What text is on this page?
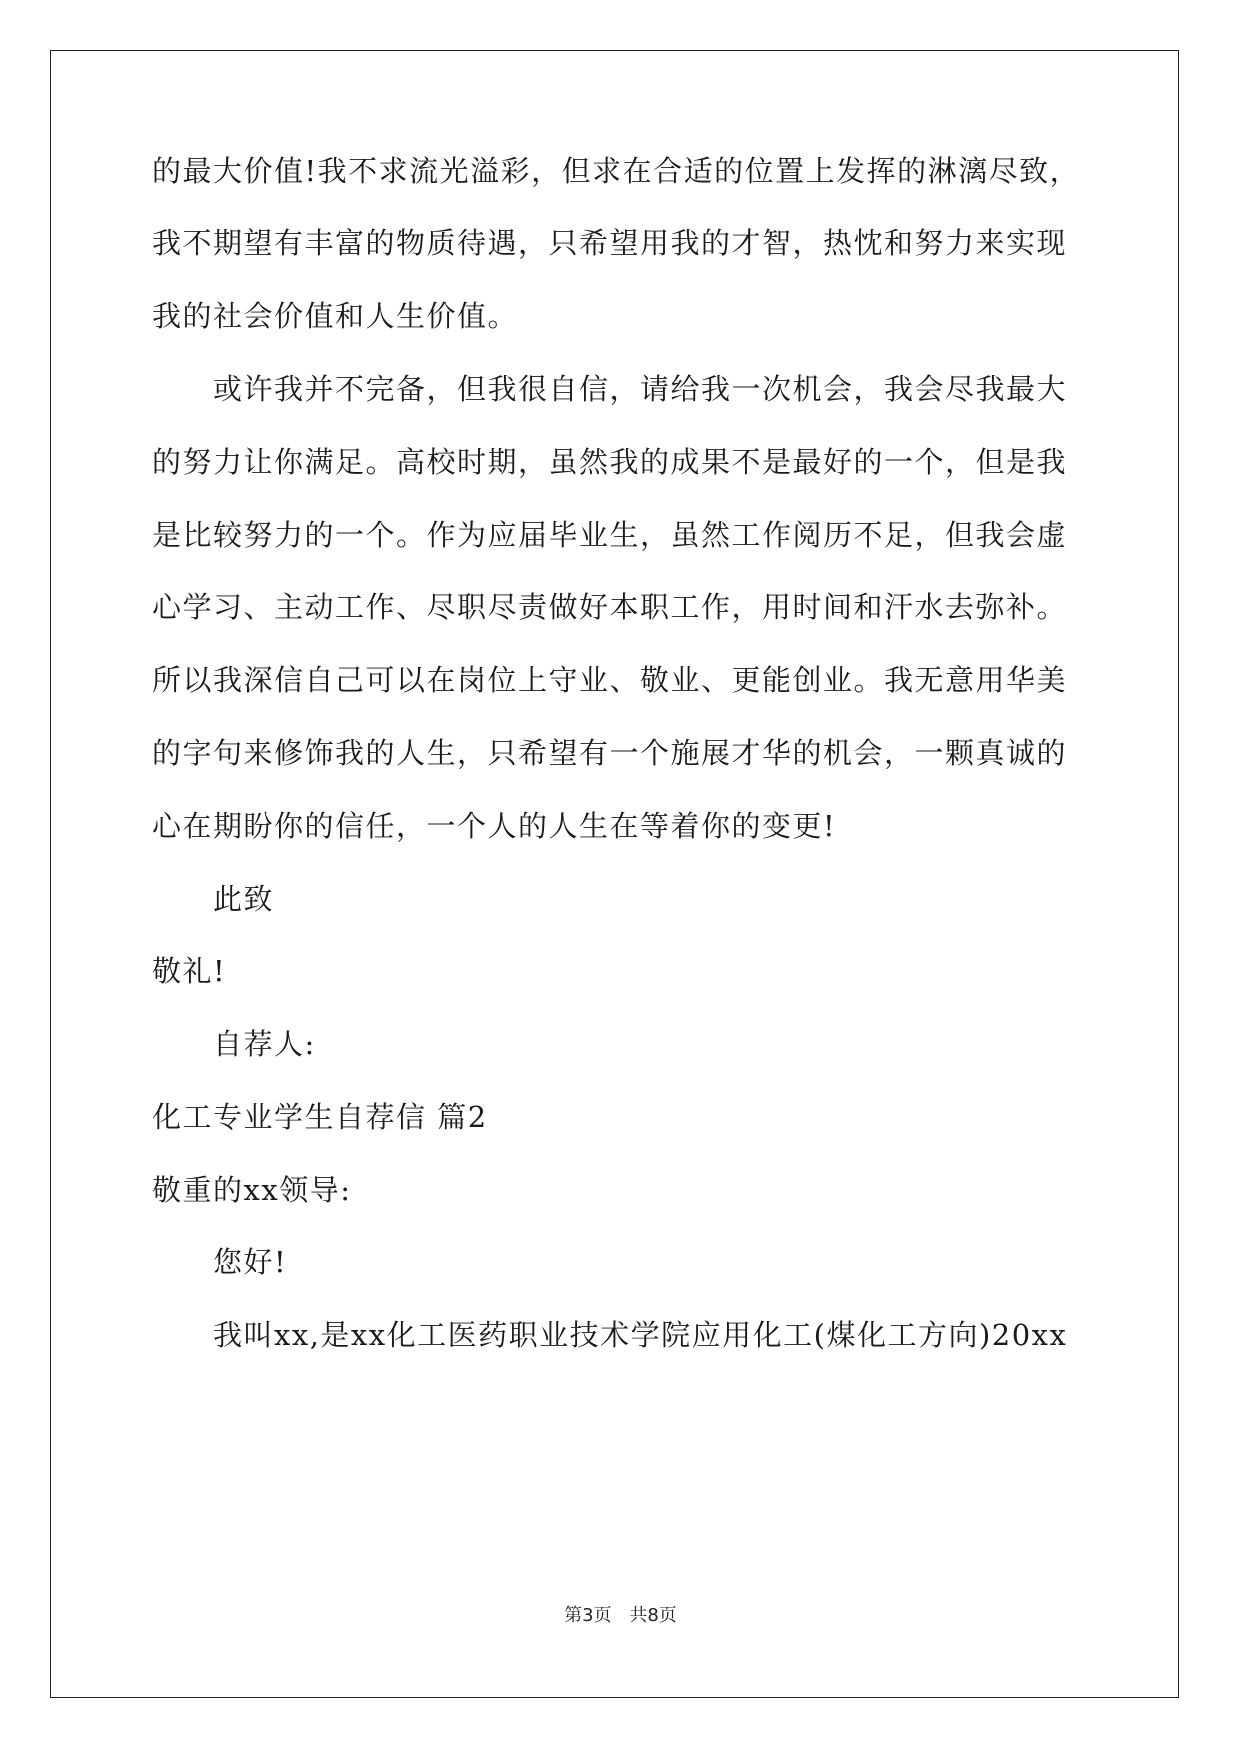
的最大价值!我不求流光溢彩，但求在合适的位置上发挥的淋漓尽致，
我不期望有丰富的物质待遇，只希望用我的才智，热忱和努力来实现
我的社会价值和人生价值。
或许我并不完备，但我很自信，请给我一次机会，我会尽我最大
的努力让你满足。高校时期，虽然我的成果不是最好的一个，但是我
是比较努力的一个。作为应届毕业生，虽然工作阅历不足，但我会虚
心学习、主动工作、尽职尽责做好本职工作，用时间和汗水去弥补。
所以我深信自己可以在岗位上守业、敬业、更能创业。我无意用华美
的字句来修饰我的人生，只希望有一个施展才华的机会，一颗真诚的
心在期盼你的信任，一个人的人生在等着你的变更!
此致
敬礼!
自荐人:
化工专业学生自荐信 篇2
敬重的xx领导:
您好!
我叫xx,是xx化工医药职业技术学院应用化工(煤化工方向)20xx
第3页 共8页
